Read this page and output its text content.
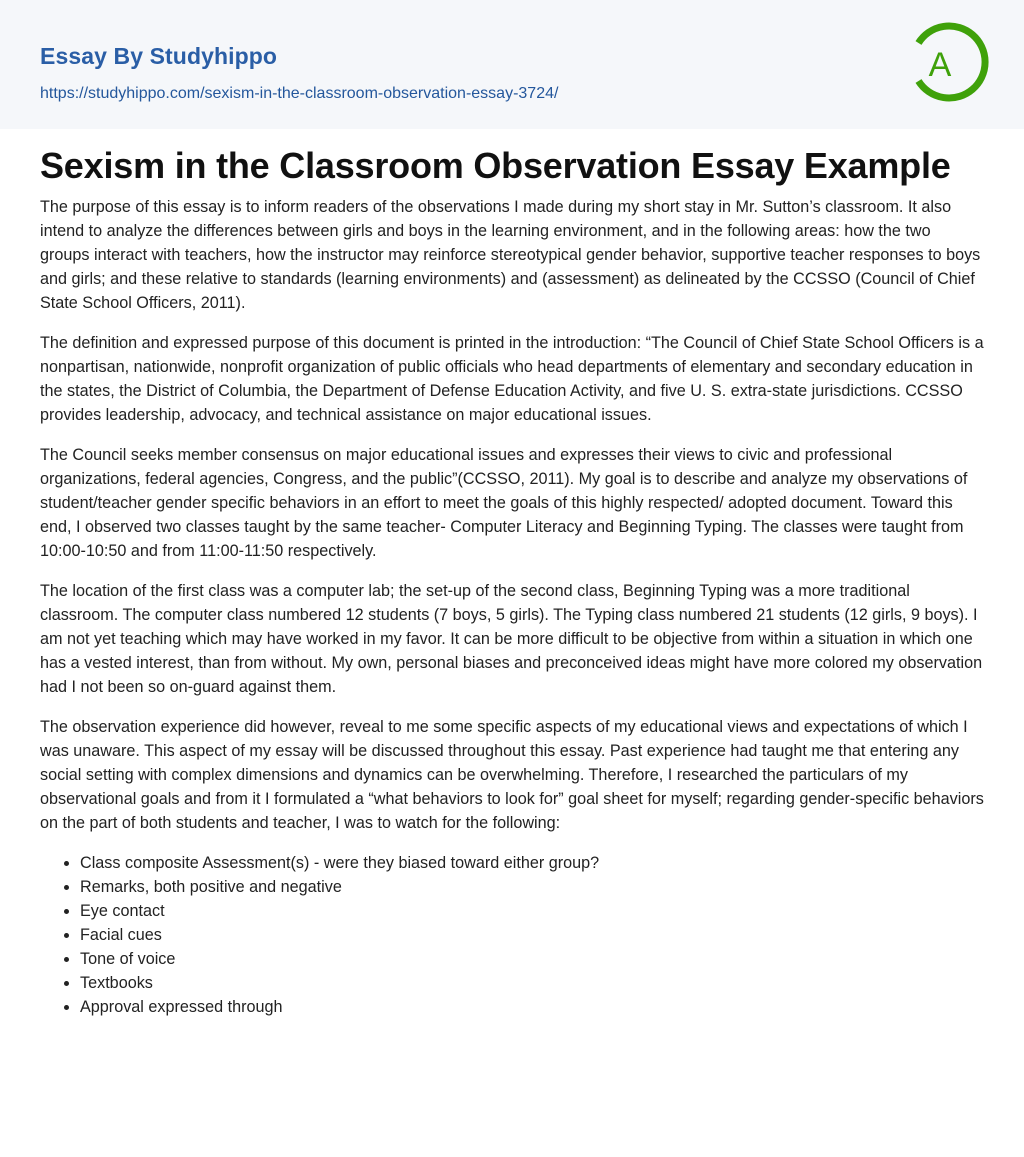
Essay By Studyhippo
https://studyhippo.com/sexism-in-the-classroom-observation-essay-3724/
A
Sexism in the Classroom Observation Essay Example

The purpose of this essay is to inform readers of the observations I made during my short stay in Mr. Sutton’s classroom. It also intend to analyze the differences between girls and boys in the learning environment, and in the following areas: how the two groups interact with teachers, how the instructor may reinforce stereotypical gender behavior, supportive teacher responses to boys and girls; and these relative to standards (learning environments) and (assessment) as delineated by the CCSSO (Council of Chief State School Officers, 2011).

The definition and expressed purpose of this document is printed in the introduction: “The Council of Chief State School Officers is a nonpartisan, nationwide, nonprofit organization of public officials who head departments of elementary and secondary education in the states, the District of Columbia, the Department of Defense Education Activity, and five U. S. extra-state jurisdictions. CCSSO provides leadership, advocacy, and technical assistance on major educational issues.

The Council seeks member consensus on major educational issues and expresses their views to civic and professional organizations, federal agencies, Congress, and the public”(CCSSO, 2011). My goal is to describe and analyze my observations of student/teacher gender specific behaviors in an effort to meet the goals of this highly respected/ adopted document. Toward this end, I observed two classes taught by the same teacher- Computer Literacy and Beginning Typing. The classes were taught from 10:00-10:50 and from 11:00-11:50 respectively.

The location of the first class was a computer lab; the set-up of the second class, Beginning Typing was a more traditional classroom. The computer class numbered 12 students (7 boys, 5 girls). The Typing class numbered 21 students (12 girls, 9 boys). I am not yet teaching which may have worked in my favor. It can be more difficult to be objective from within a situation in which one has a vested interest, than from without. My own, personal biases and preconceived ideas might have more colored my observation had I not been so on-guard against them.

The observation experience did however, reveal to me some specific aspects of my educational views and expectations of which I was unaware. This aspect of my essay will be discussed throughout this essay. Past experience had taught me that entering any social setting with complex dimensions and dynamics can be overwhelming. Therefore, I researched the particulars of my observational goals and from it I formulated a “what behaviors to look for” goal sheet for myself; regarding gender-specific behaviors on the part of both students and teacher, I was to watch for the following:

• Class composite Assessment(s) - were they biased toward either group?
• Remarks, both positive and negative
• Eye contact
• Facial cues
• Tone of voice
• Textbooks
• Approval expressed through
